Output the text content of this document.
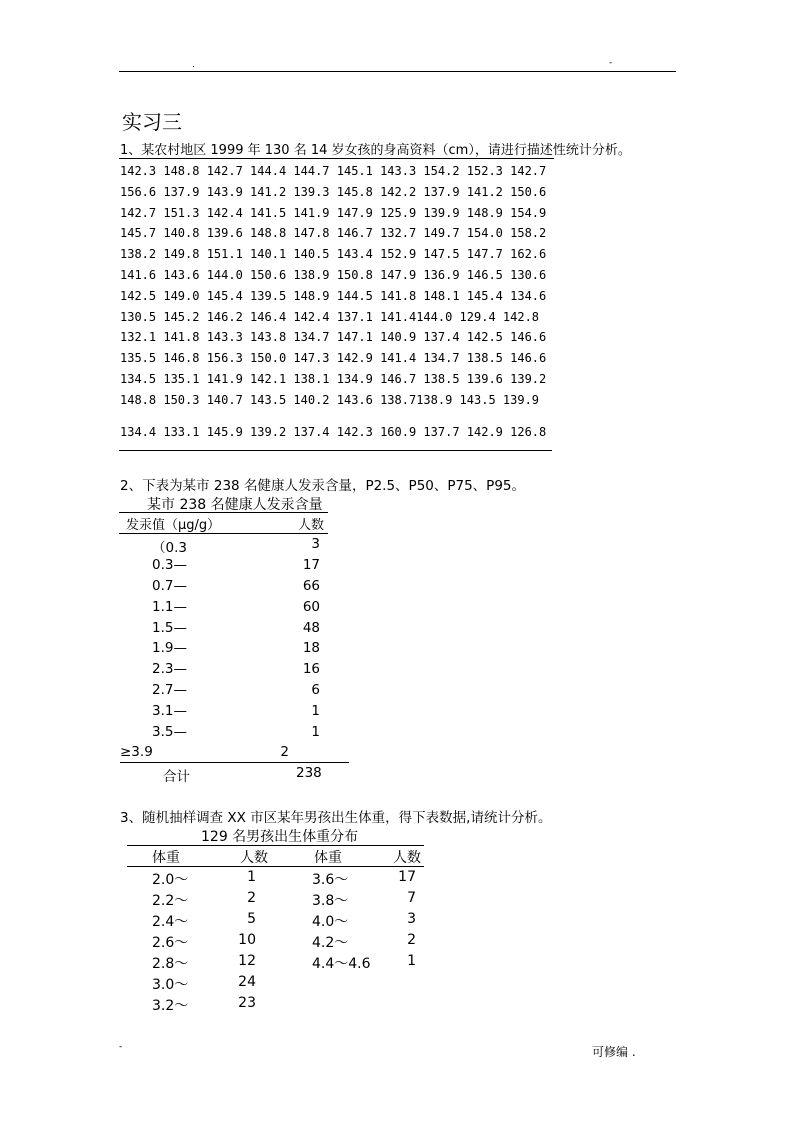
.	-
实习三
1、某农村地区 1999 年 130 名 14 岁女孩的身高资料（cm），请进行描述性统计分析。
142.3 148.8 142.7 144.4 144.7 145.1 143.3 154.2 152.3 142.7
156.6 137.9 143.9 141.2 139.3 145.8 142.2 137.9 141.2 150.6
142.7 151.3 142.4 141.5 141.9 147.9 125.9 139.9 148.9 154.9
145.7 140.8 139.6 148.8 147.8 146.7 132.7 149.7 154.0 158.2
138.2 149.8 151.1 140.1 140.5 143.4 152.9 147.5 147.7 162.6
141.6 143.6 144.0 150.6 138.9 150.8 147.9 136.9 146.5 130.6
142.5 149.0 145.4 139.5 148.9 144.5 141.8 148.1 145.4 134.6
130.5 145.2 146.2 146.4 142.4 137.1 141.4144.0 129.4 142.8
132.1 141.8 143.3 143.8 134.7 147.1 140.9 137.4 142.5 146.6
135.5 146.8 156.3 150.0 147.3 142.9 141.4 134.7 138.5 146.6
134.5 135.1 141.9 142.1 138.1 134.9 146.7 138.5 139.6 139.2
148.8 150.3 140.7 143.5 140.2 143.6 138.7138.9 143.5 139.9
134.4 133.1 145.9 139.2 137.4 142.3 160.9 137.7 142.9 126.8
2、下表为某市 238 名健康人发汞含量，P2.5、P50、P75、P95。
某市 238 名健康人发汞含量
发汞值（μg/g）	人数
（0.3	3
0.3—	17
0.7—	66
1.1—	60
1.5—	48
1.9—	18
2.3—	16
2.7—	6
3.1—	1
3.5—	1
≥3.9	2
合计	238
3、随机抽样调查 XX 市区某年男孩出生体重，得下表数据,请统计分析。
129 名男孩出生体重分布
体重	人数	体重	人数
2.0～	1	3.6～	17
2.2～	2	3.8～	7
2.4～	5	4.0～	3
2.6～	10	4.2～	2
2.8～	12	4.4～4.6	1
3.0～	24
3.2～	23
-	可修编 .
